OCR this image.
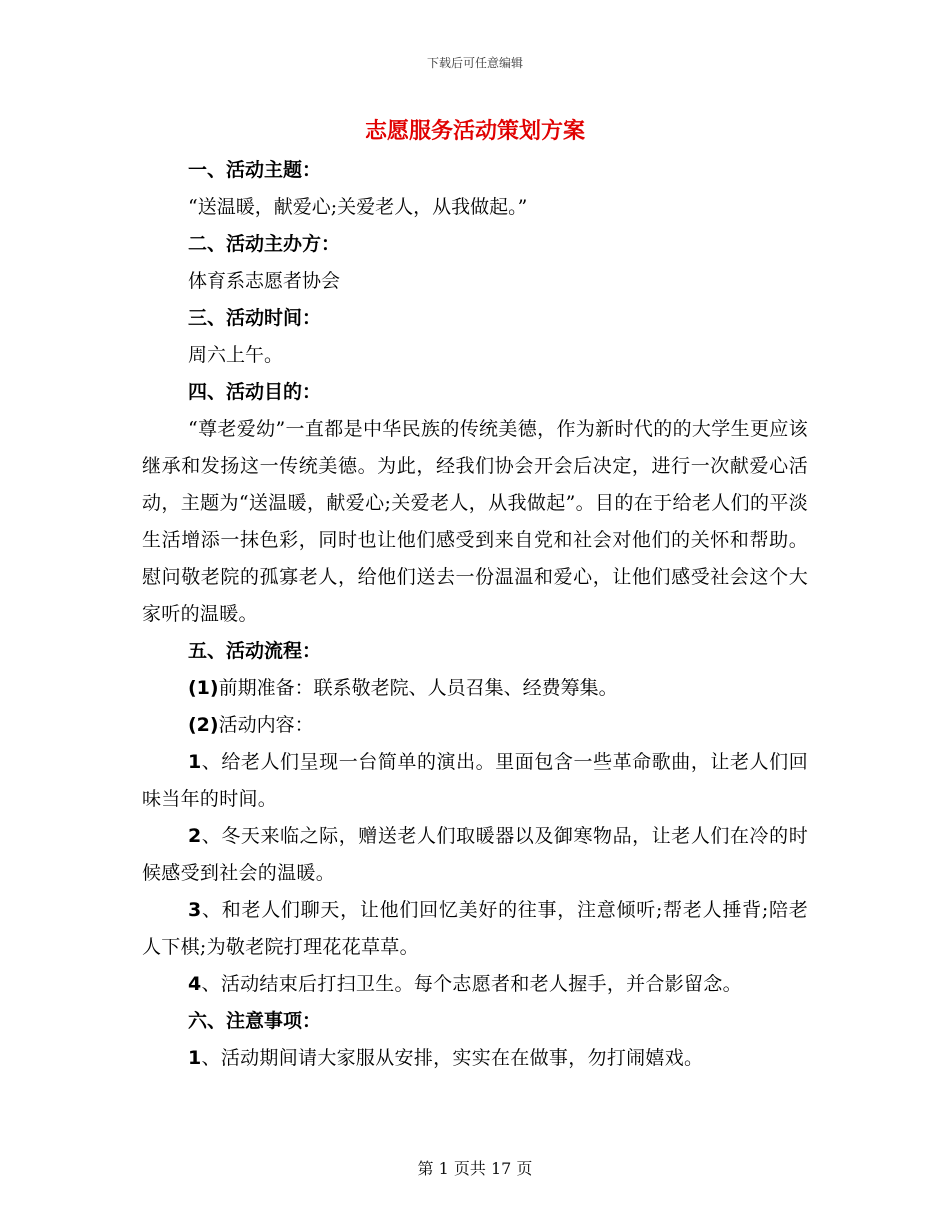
下载后可任意编辑
志愿服务活动策划方案

一、活动主题：

“送温暖，献爱心;关爱老人，从我做起。”

二、活动主办方：

体育系志愿者协会

三、活动时间：

周六上午。

四、活动目的：

“尊老爱幼”一直都是中华民族的传统美德，作为新时代的的大学生更应该继承和发扬这一传统美德。为此，经我们协会开会后决定，进行一次献爱心活动，主题为“送温暖，献爱心;关爱老人，从我做起”。目的在于给老人们的平淡生活增添一抹色彩，同时也让他们感受到来自党和社会对他们的关怀和帮助。慰问敬老院的孤寡老人，给他们送去一份温温和爱心，让他们感受社会这个大家听的温暖。

五、活动流程：

(1)前期准备：联系敬老院、人员召集、经费筹集。

(2)活动内容：

1、给老人们呈现一台简单的演出。里面包含一些革命歌曲，让老人们回味当年的时间。

2、冬天来临之际，赠送老人们取暖器以及御寒物品，让老人们在冷的时候感受到社会的温暖。

3、和老人们聊天，让他们回忆美好的往事，注意倾听;帮老人捶背;陪老人下棋;为敬老院打理花花草草。

4、活动结束后打扫卫生。每个志愿者和老人握手，并合影留念。

六、注意事项：

1、活动期间请大家服从安排，实实在在做事，勿打闹嬉戏。

第 1 页共 17 页
